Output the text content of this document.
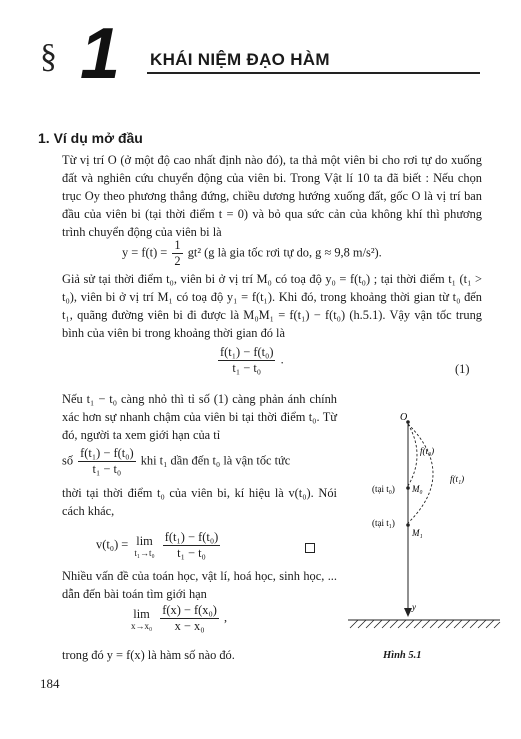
§ 1 KHÁI NIỆM ĐẠO HÀM
1. Ví dụ mở đầu
Từ vị trí O (ở một độ cao nhất định nào đó), ta thả một viên bi cho rơi tự do xuống đất và nghiên cứu chuyển động của viên bi. Trong Vật lí 10 ta đã biết : Nếu chọn trục Oy theo phương thẳng đứng, chiều dương hướng xuống đất, gốc O là vị trí ban đầu của viên bi (tại thời điểm t = 0) và bỏ qua sức cản của không khí thì phương trình chuyển động của viên bi là
$y = f(t) = \frac{1}{2} gt^2$ (g là gia tốc rơi tự do, g ≈ 9,8 m/s²).
Giả sử tại thời điểm t₀, viên bi ở vị trí M₀ có toạ độ y₀ = f(t₀) ; tại thời điểm t₁ (t₁ > t₀), viên bi ở vị trí M₁ có toạ độ y₁ = f(t₁). Khi đó, trong khoảng thời gian từ t₀ đến t₁, quãng đường viên bi đi được là M₀M₁ = f(t₁) − f(t₀) (h.5.1). Vậy vận tốc trung bình của viên bi trong khoảng thời gian đó là
$\frac{\text{f(t₁) − f(t₀)}}{\text{t₁ − t₀}}$ .
(1)
Nếu t₁ − t₀ càng nhỏ thì tỉ số (1) càng phản ánh chính xác hơn sự nhanh chậm của viên bi tại thời điểm t₀. Từ đó, người ta xem giới hạn của tỉ
số $\frac{\text{f(t₁) − f(t₀)}}{\text{t₁ − t₀}}$ khi t₁ dần đến t₀ là vận tốc tức
thời tại thời điểm t₀ của viên bi, kí hiệu là v(t₀). Nói cách khác,
v(t₀) = lim
t₁→t₀
$\frac{\text{f(t₁) − f(t₀)}}{\text{t₁ − t₀}}$
Nhiều vấn đề của toán học, vật lí, hoá học, sinh học, ... dẫn đến bài toán tìm giới hạn
lim
x→x₀
$\frac{\text{f(x) − f(x₀)}}{\text{x − x₀}}$ ,
trong đó y = f(x) là hàm số nào đó.
O
f(t₀)
f(t₁)
(tại t₀) M₀
(tại t₁)
M₁
y
Hình 5.1
184
